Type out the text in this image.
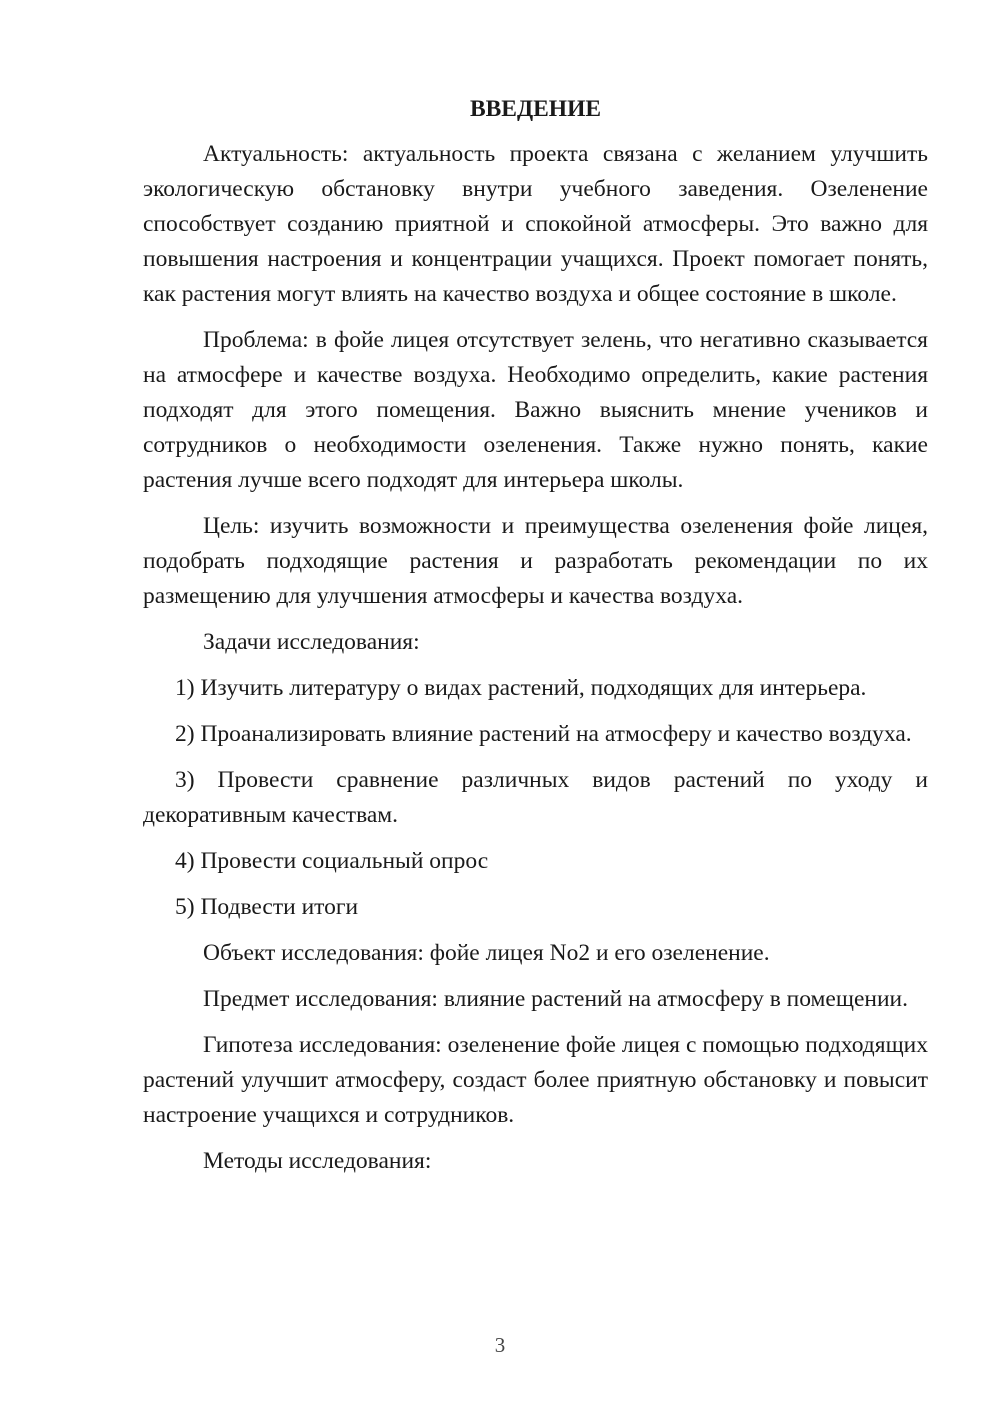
ВВЕДЕНИЕ

Актуальность: актуальность проекта связана с желанием улучшить экологическую обстановку внутри учебного заведения. Озеленение способствует созданию приятной и спокойной атмосферы. Это важно для повышения настроения и концентрации учащихся. Проект помогает понять, как растения могут влиять на качество воздуха и общее состояние в школе.

Проблема: в фойе лицея отсутствует зелень, что негативно сказывается на атмосфере и качестве воздуха. Необходимо определить, какие растения подходят для этого помещения. Важно выяснить мнение учеников и сотрудников о необходимости озеленения. Также нужно понять, какие растения лучше всего подходят для интерьера школы.

Цель: изучить возможности и преимущества озеленения фойе лицея, подобрать подходящие растения и разработать рекомендации по их размещению для улучшения атмосферы и качества воздуха.

Задачи исследования:

1) Изучить литературу о видах растений, подходящих для интерьера.

2) Проанализировать влияние растений на атмосферу и качество воздуха.

3) Провести сравнение различных видов растений по уходу и декоративным качествам.

4) Провести социальный опрос

5) Подвести итоги

Объект исследования: фойе лицея No2 и его озеленение.

Предмет исследования: влияние растений на атмосферу в помещении.

Гипотеза исследования: озеленение фойе лицея с помощью подходящих растений улучшит атмосферу, создаст более приятную обстановку и повысит настроение учащихся и сотрудников.

Методы исследования:

3
